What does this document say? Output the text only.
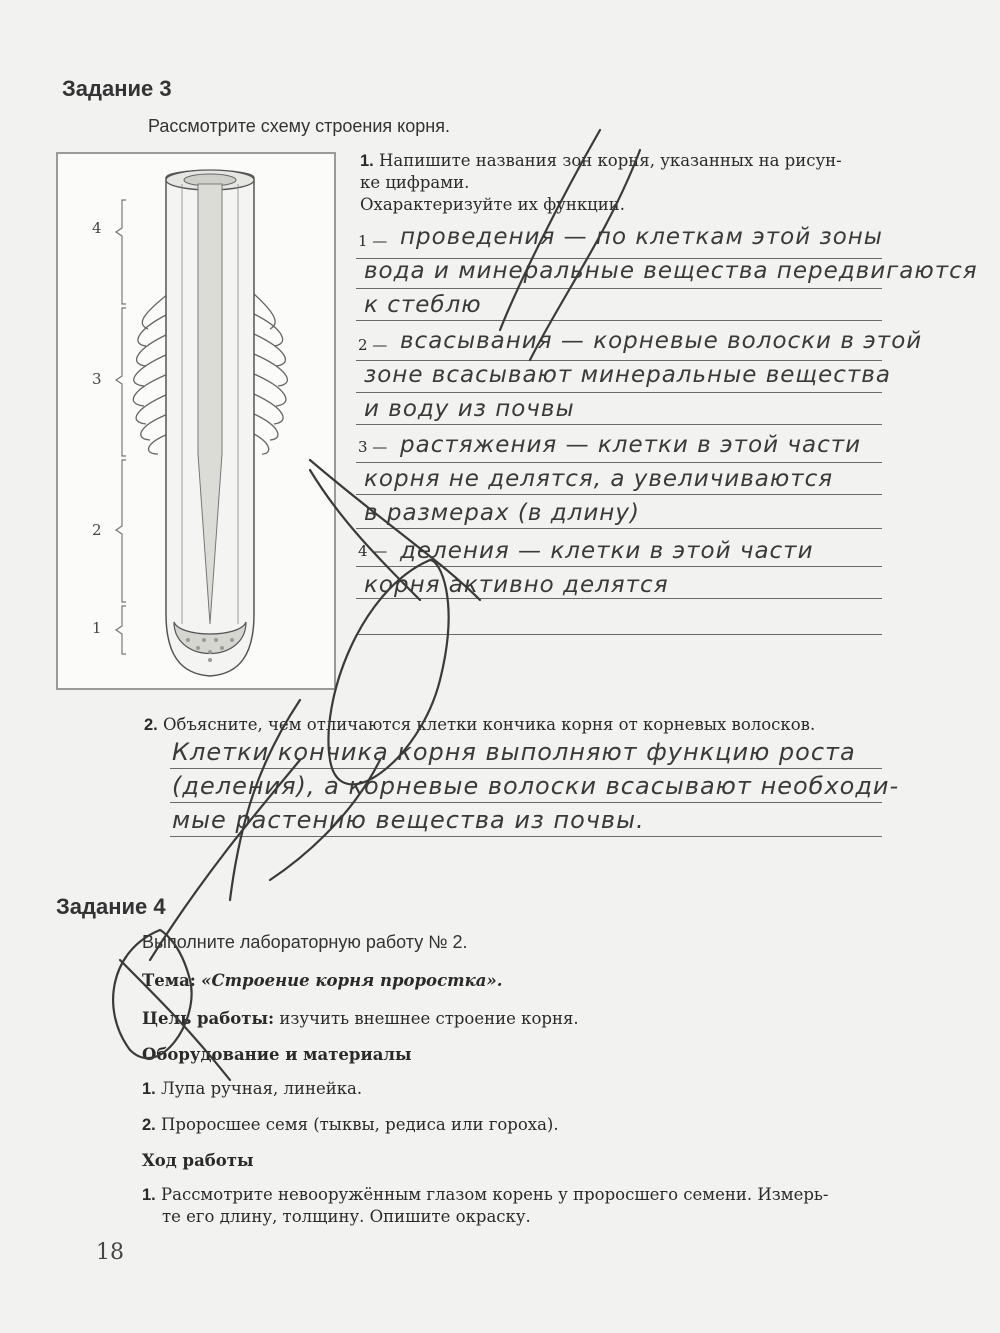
Задание 3
Рассмотрите схему строения корня.
4
3
2
1
1. Напишите названия зон корня, указанных на рисун-
ке цифрами.
Охарактеризуйте их функции.
1 —
2 —
3 —
4 —
проведения — по клеткам этой зоны
вода и минеральные вещества передвигаются
к стеблю
всасывания — корневые волоски в этой
зоне всасывают минеральные вещества
и воду из почвы
растяжения — клетки в этой части
корня не делятся, а увеличиваются
в размерах (в длину)
деления — клетки в этой части
корня активно делятся
2. Объясните, чем отличаются клетки кончика корня от корневых волосков.
Клетки кончика корня выполняют функцию роста
(деления), а корневые волоски всасывают необходи-
мые растению вещества из почвы.
Задание 4
Выполните лабораторную работу № 2.
Тема: «Строение корня проростка».
Цель работы: изучить внешнее строение корня.
Оборудование и материалы
1. Лупа ручная, линейка.
2. Проросшее семя (тыквы, редиса или гороха).
Ход работы
1. Рассмотрите невооружённым глазом корень у проросшего семени. Измерь-
те его длину, толщину. Опишите окраску.
18
